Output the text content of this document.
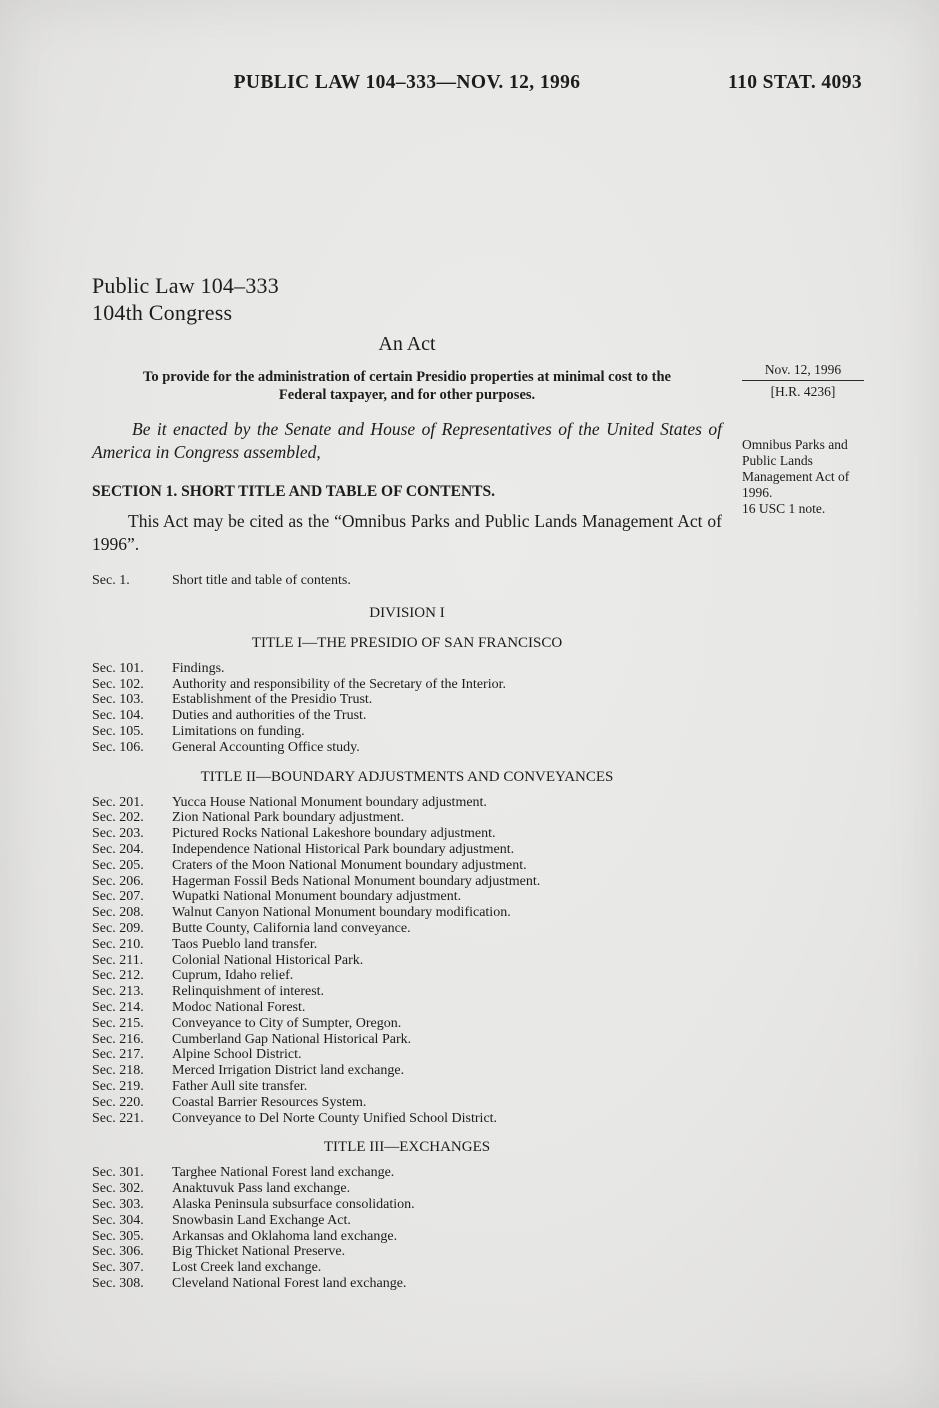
PUBLIC LAW 104–333—NOV. 12, 1996	110 STAT. 4093
Public Law 104–333
104th Congress
An Act
To provide for the administration of certain Presidio properties at minimal cost to the Federal taxpayer, and for other purposes.

Be it enacted by the Senate and House of Representatives of the United States of America in Congress assembled,

SECTION 1. SHORT TITLE AND TABLE OF CONTENTS.

This Act may be cited as the “Omnibus Parks and Public Lands Management Act of 1996”.

Sec. 1.	Short title and table of contents.
DIVISION I
TITLE I—THE PRESIDIO OF SAN FRANCISCO
Sec. 101.	Findings.
Sec. 102.	Authority and responsibility of the Secretary of the Interior.
Sec. 103.	Establishment of the Presidio Trust.
Sec. 104.	Duties and authorities of the Trust.
Sec. 105.	Limitations on funding.
Sec. 106.	General Accounting Office study.
TITLE II—BOUNDARY ADJUSTMENTS AND CONVEYANCES
Sec. 201.	Yucca House National Monument boundary adjustment.
Sec. 202.	Zion National Park boundary adjustment.
Sec. 203.	Pictured Rocks National Lakeshore boundary adjustment.
Sec. 204.	Independence National Historical Park boundary adjustment.
Sec. 205.	Craters of the Moon National Monument boundary adjustment.
Sec. 206.	Hagerman Fossil Beds National Monument boundary adjustment.
Sec. 207.	Wupatki National Monument boundary adjustment.
Sec. 208.	Walnut Canyon National Monument boundary modification.
Sec. 209.	Butte County, California land conveyance.
Sec. 210.	Taos Pueblo land transfer.
Sec. 211.	Colonial National Historical Park.
Sec. 212.	Cuprum, Idaho relief.
Sec. 213.	Relinquishment of interest.
Sec. 214.	Modoc National Forest.
Sec. 215.	Conveyance to City of Sumpter, Oregon.
Sec. 216.	Cumberland Gap National Historical Park.
Sec. 217.	Alpine School District.
Sec. 218.	Merced Irrigation District land exchange.
Sec. 219.	Father Aull site transfer.
Sec. 220.	Coastal Barrier Resources System.
Sec. 221.	Conveyance to Del Norte County Unified School District.
TITLE III—EXCHANGES
Sec. 301.	Targhee National Forest land exchange.
Sec. 302.	Anaktuvuk Pass land exchange.
Sec. 303.	Alaska Peninsula subsurface consolidation.
Sec. 304.	Snowbasin Land Exchange Act.
Sec. 305.	Arkansas and Oklahoma land exchange.
Sec. 306.	Big Thicket National Preserve.
Sec. 307.	Lost Creek land exchange.
Sec. 308.	Cleveland National Forest land exchange.
Nov. 12, 1996
[H.R. 4236]

Omnibus Parks and Public Lands Management Act of 1996.

16 USC 1 note.
